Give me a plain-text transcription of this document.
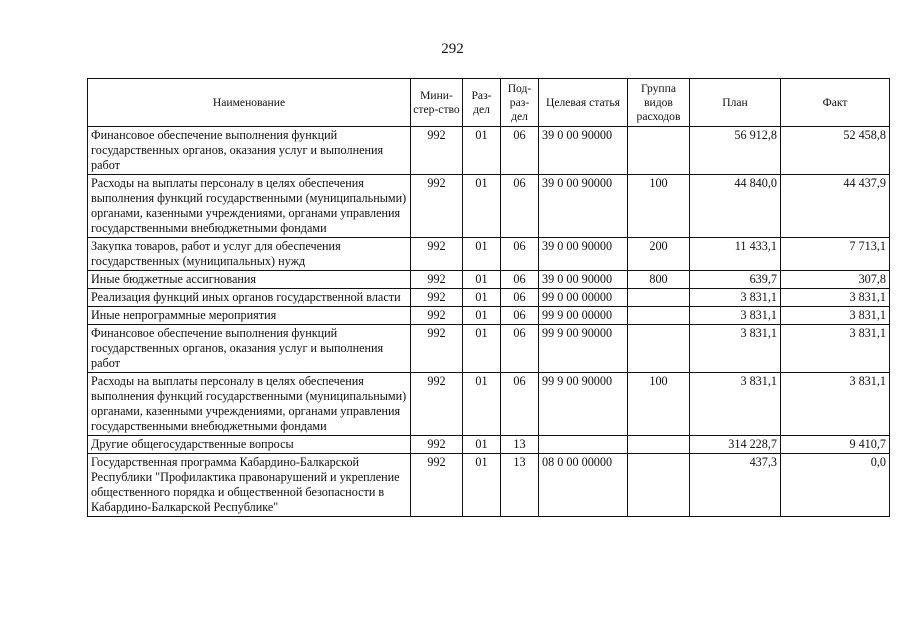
292
Наименование	Мини-стер-ство	Раз-дел	Под-раз-дел	Целевая статья	Группа видов расходов	План	Факт
Финансовое обеспечение выполнения функций государственных органов, оказания услуг и выполнения работ	992	01	06	39 0 00 90000		56 912,8	52 458,8
Расходы на выплаты персоналу в целях обеспечения выполнения функций государственными (муниципальными) органами, казенными учреждениями, органами управления государственными внебюджетными фондами	992	01	06	39 0 00 90000	100	44 840,0	44 437,9
Закупка товаров, работ и услуг для обеспечения государственных (муниципальных) нужд	992	01	06	39 0 00 90000	200	11 433,1	7 713,1
Иные бюджетные ассигнования	992	01	06	39 0 00 90000	800	639,7	307,8
Реализация функций иных органов государственной власти	992	01	06	99 0 00 00000		3 831,1	3 831,1
Иные непрограммные мероприятия	992	01	06	99 9 00 00000		3 831,1	3 831,1
Финансовое обеспечение выполнения функций государственных органов, оказания услуг и выполнения работ	992	01	06	99 9 00 90000		3 831,1	3 831,1
Расходы на выплаты персоналу в целях обеспечения выполнения функций государственными (муниципальными) органами, казенными учреждениями, органами управления государственными внебюджетными фондами	992	01	06	99 9 00 90000	100	3 831,1	3 831,1
Другие общегосударственные вопросы	992	01	13			314 228,7	9 410,7
Государственная программа Кабардино-Балкарской Республики "Профилактика правонарушений и укрепление общественного порядка и общественной безопасности в Кабардино-Балкарской Республике"	992	01	13	08 0 00 00000		437,3	0,0
